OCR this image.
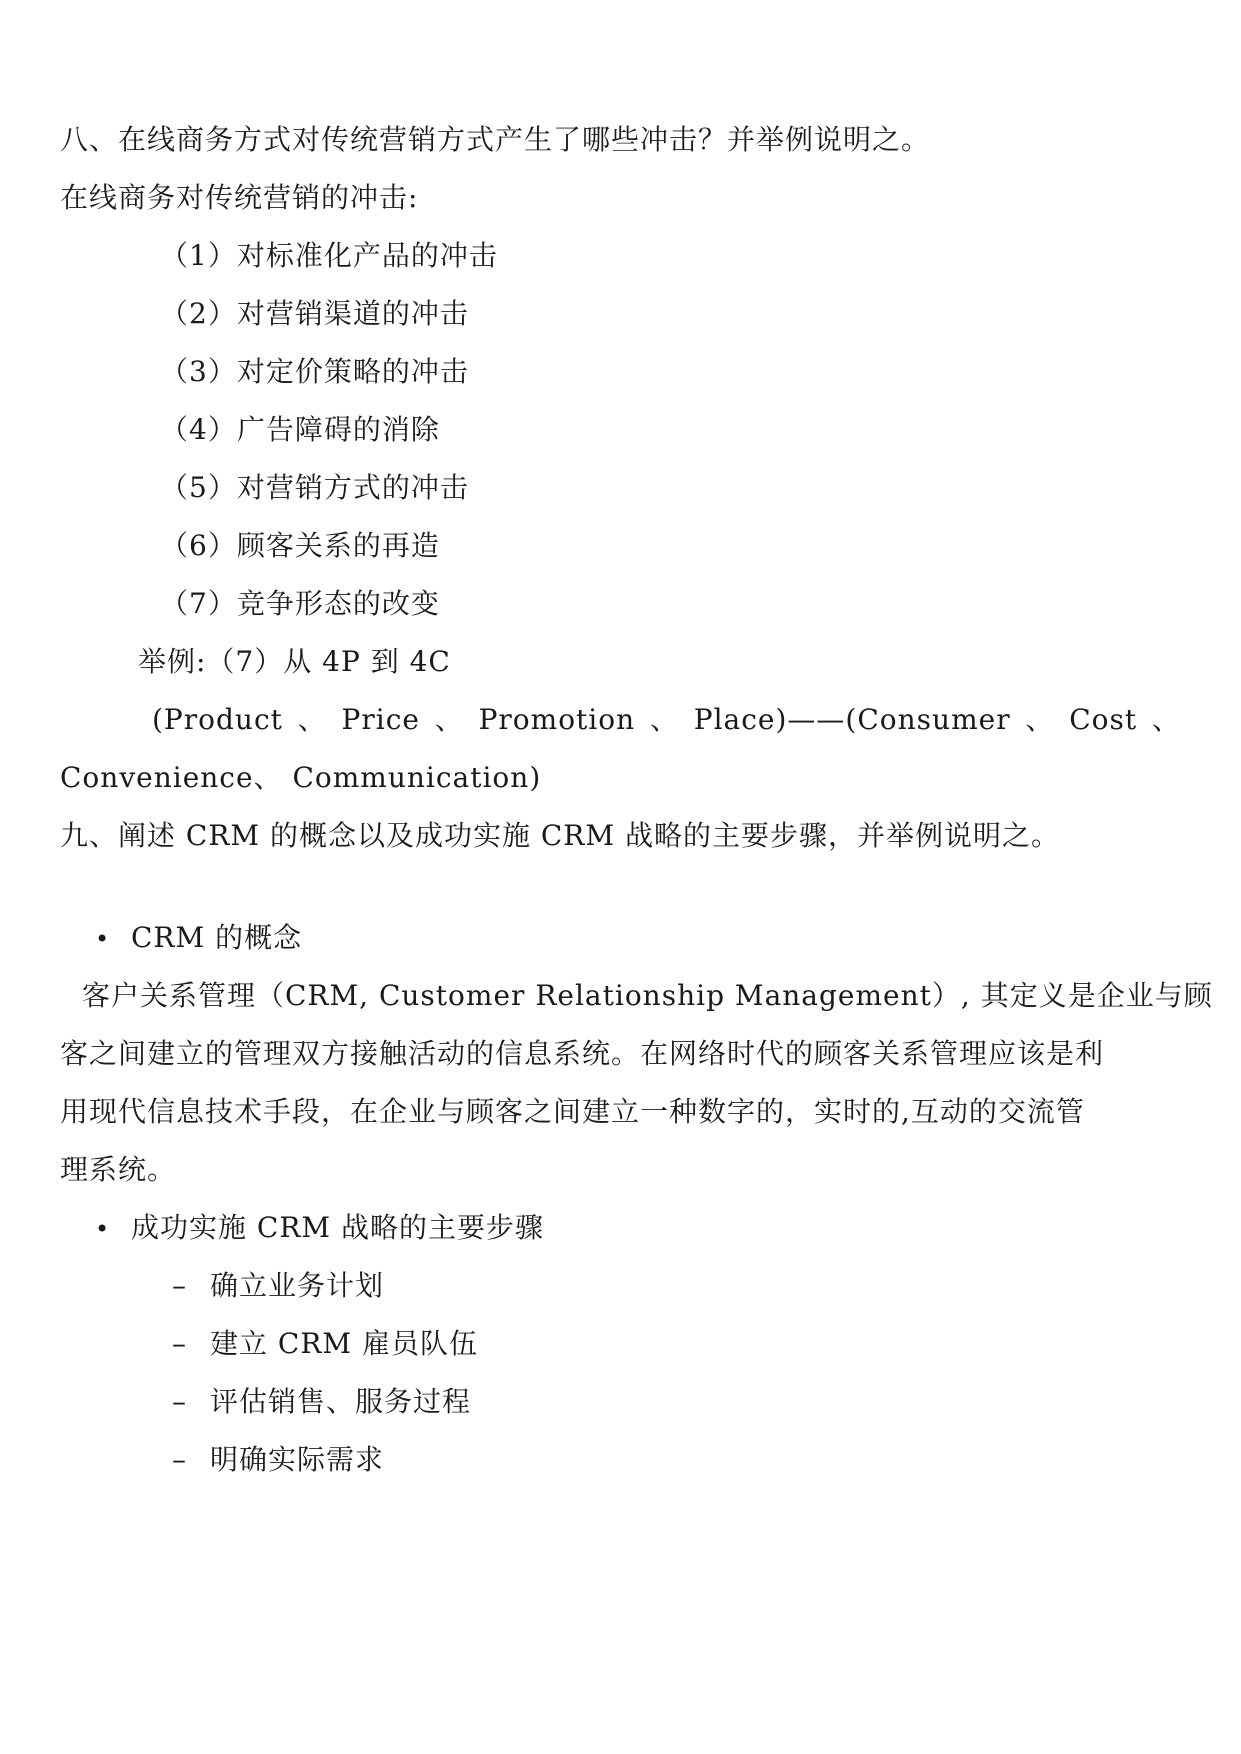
八、在线商务方式对传统营销方式产生了哪些冲击？并举例说明之。
在线商务对传统营销的冲击:
（1）对标准化产品的冲击
（2）对营销渠道的冲击
（3）对定价策略的冲击
（4）广告障碍的消除
（5）对营销方式的冲击
（6）顾客关系的再造
（7）竞争形态的改变
举例:（7）从 4P 到 4C
(Product 、 Price 、 Promotion 、 Place)——(Consumer 、 Cost 、
Convenience、 Communication)
九、阐述 CRM 的概念以及成功实施 CRM 战略的主要步骤，并举例说明之。
• CRM 的概念
客户关系管理（CRM, Customer Relationship Management）, 其定义是企业与顾
客之间建立的管理双方接触活动的信息系统。在网络时代的顾客关系管理应该是利
用现代信息技术手段，在企业与顾客之间建立一种数字的，实时的,互动的交流管
理系统。
• 成功实施 CRM 战略的主要步骤
– 确立业务计划
– 建立 CRM 雇员队伍
– 评估销售、服务过程
– 明确实际需求
